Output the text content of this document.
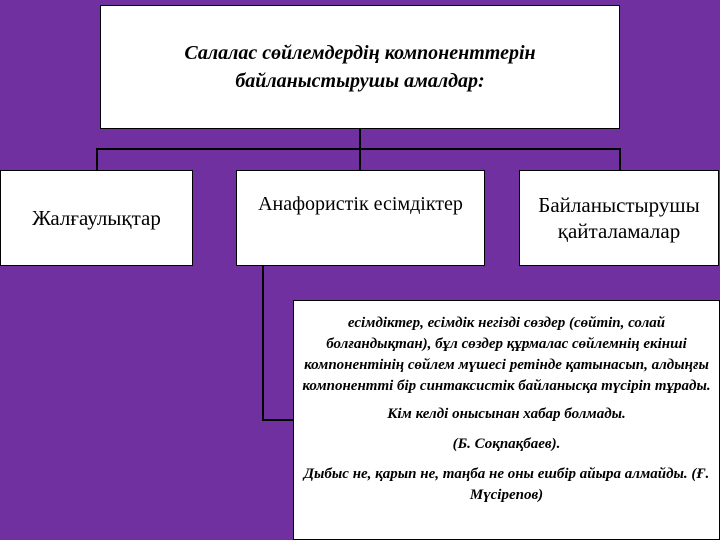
Салалас сөйлемдердің компоненттерін
байланыстырушы амалдар:
Жалғаулықтар
Анафористік есімдіктер	Байланыстырушы
қайталамалар

есімдіктер, есімдік негізді сөздер (сөйтіп, солай болғандықтан), бұл сөздер құрмалас сөйлемнің екінші компонентінің сөйлем мүшесі ретінде қатынасып, алдыңғы компонентті бір синтаксистік байланысқа түсіріп тұрады.

Кім келді онысынан хабар болмады.

(Б. Соқпақбаев).

Дыбыс не, қарып не, таңба не оны ешбір айыра алмайды. (Ғ. Мүсірепов)
